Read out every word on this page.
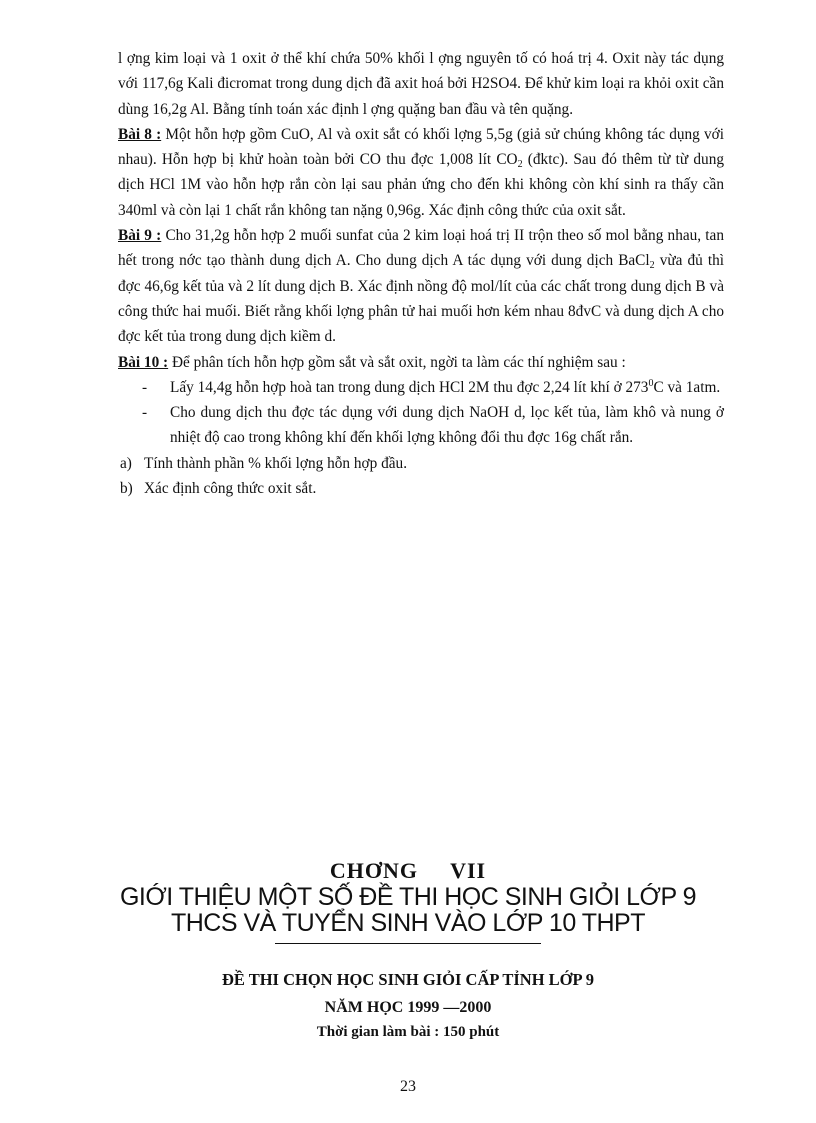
l ợng kim loại và 1 oxit ở thể khí chứa 50% khối l ợng nguyên tố có hoá trị 4. Oxit này tác dụng với 117,6g Kali đicromat trong dung dịch đã axit hoá bởi H2SO4. Để khử kim loại ra khỏi oxit cần dùng 16,2g Al. Bằng tính toán xác định l ợng quặng ban đầu và tên quặng.

Bài 8 : Một hỗn hợp gồm CuO, Al và oxit sắt có khối lợng 5,5g (giả sử chúng không tác dụng với nhau). Hỗn hợp bị khử hoàn toàn bởi CO thu đợc 1,008 lít $CO_2$ (đktc). Sau đó thêm từ từ dung dịch HCl 1M vào hỗn hợp rắn còn lại sau phản ứng cho đến khi không còn khí sinh ra thấy cần 340ml và còn lại 1 chất rắn không tan nặng 0,96g. Xác định công thức của oxit sắt.

Bài 9 : Cho 31,2g hỗn hợp 2 muối sunfat của 2 kim loại hoá trị II trộn theo số mol bằng nhau, tan hết trong nớc tạo thành dung dịch A. Cho dung dịch A tác dụng với dung dịch BaCl$_2$ vừa đủ thì đợc 46,6g kết tủa và 2 lít dung dịch B. Xác định nồng độ mol/lít của các chất trong dung dịch B và công thức hai muối. Biết rằng khối lợng phân tử hai muối hơn kém nhau 8đvC và dung dịch A cho đợc kết tủa trong dung dịch kiềm d.

Bài 10 : Để phân tích hỗn hợp gồm sắt và sắt oxit, ngời ta làm các thí nghiệm sau :

- Lấy 14,4g hỗn hợp hoà tan trong dung dịch HCl 2M thu đợc 2,24 lít khí ở $273^0C$ và 1atm.
- Cho dung dịch thu đợc tác dụng với dung dịch NaOH d, lọc kết tủa, làm khô và nung ở nhiệt độ cao trong không khí đến khối lợng không đổi thu đợc 16g chất rắn.
a) Tính thành phần % khối lợng hỗn hợp đầu.
b) Xác định công thức oxit sắt.
CHƠNG VII
GIỚI THIỆU MỘT SỐ ĐỀ THI HỌC SINH GIỎI LỚP 9
THCS VÀ TUYỂN SINH VÀO LỚP 10 THPT
ĐỀ THI CHỌN HỌC SINH GIỎI CẤP TỈNH LỚP 9
NĂM HỌC 1999 —2000
Thời gian làm bài : 150 phút
23
